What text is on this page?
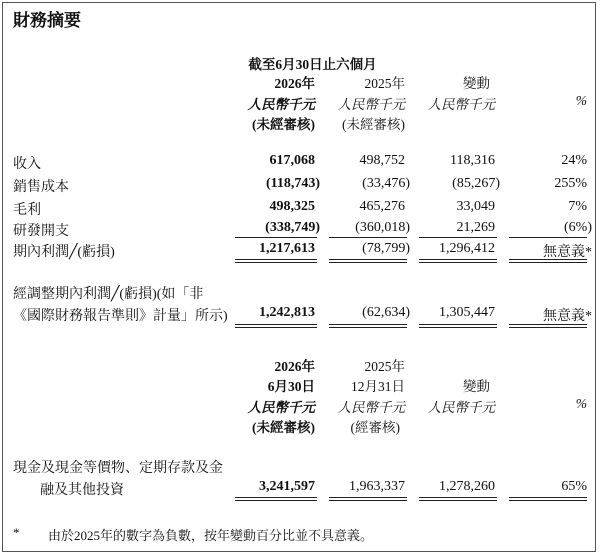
財務摘要
截至6月30日止六個月
2026年	2025年	變動
人民幣千元 人民幣千元 人民幣千元	%
(未經審核) (未經審核)
收入	617,068	498,752	118,316	24%
銷售成本	(118,743)	(33,476)	(85,267)	255%
毛利	498,325	465,276	33,049	7%
研發開支	(338,749)	(360,018)	21,269	(6%)
期內利潤╱(虧損)	1,217,613	(78,799) 1,296,412	無意義*
經調整期內利潤╱(虧損)(如「非
《國際財務報告準則》計量」所示) 1,242,813	(62,634) 1,305,447	無意義*
2026年	2025年
6月30日	12月31日	變動
人民幣千元 人民幣千元 人民幣千元	%
(未經審核)	(經審核)
現金及現金等價物、定期存款及金
融及其他投資	3,241,597 1,963,337 1,278,260	65%
* 由於2025年的數字為負數，按年變動百分比並不具意義。
